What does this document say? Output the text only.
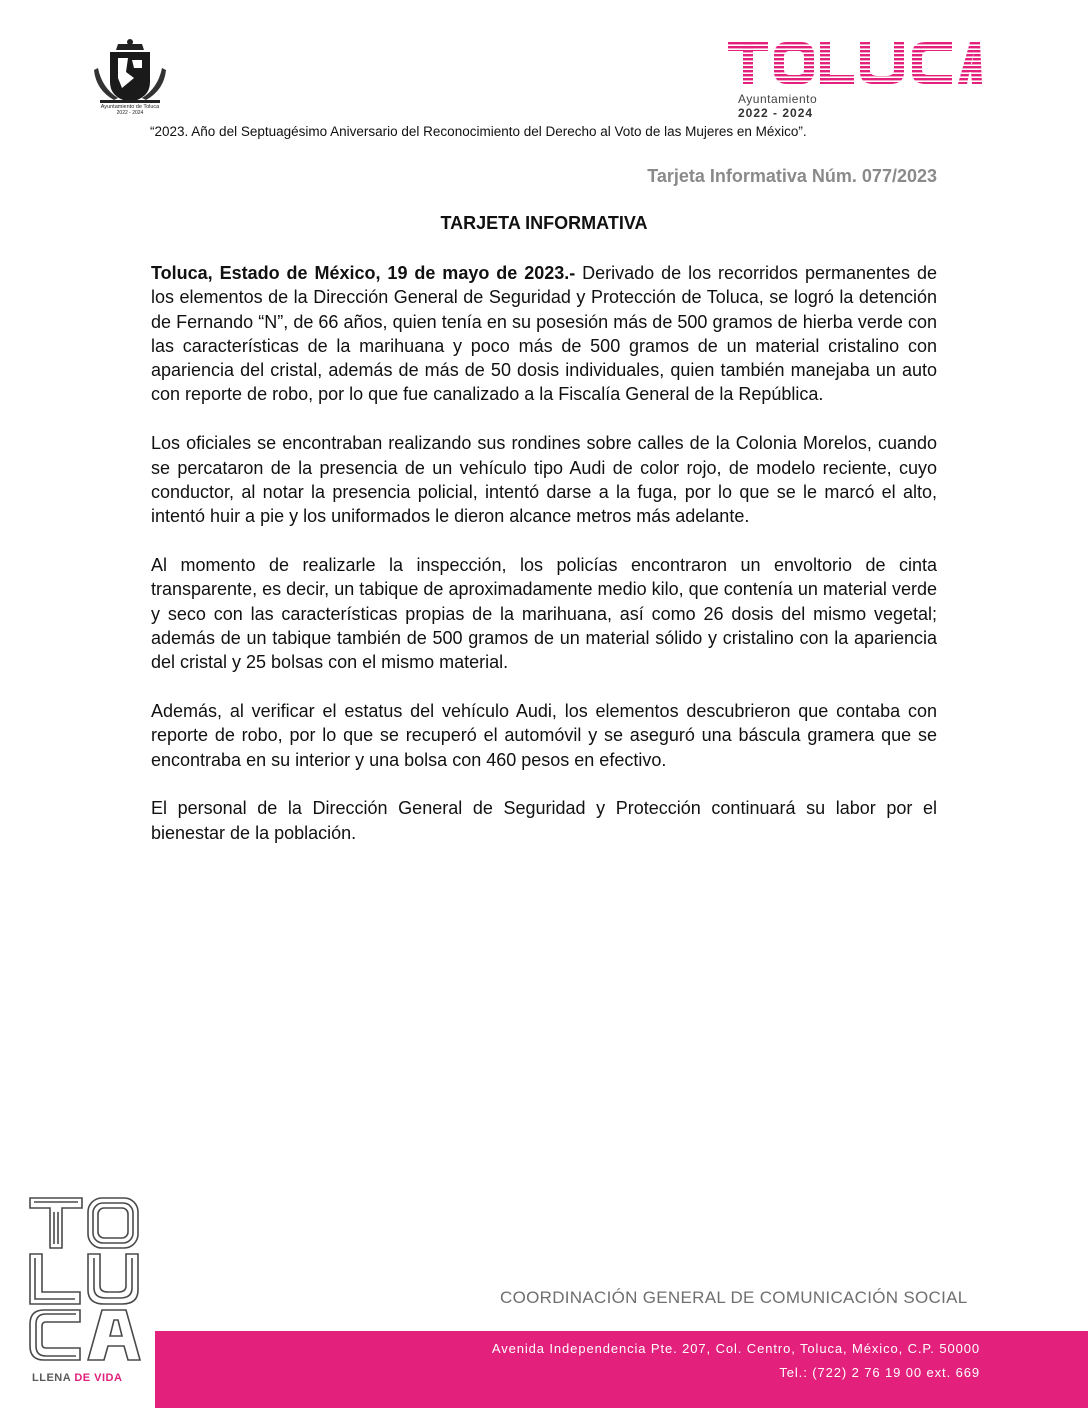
Ayuntamiento de Toluca
2022 - 2024
Ayuntamiento
2022 - 2024
“2023. Año del Septuagésimo Aniversario del Reconocimiento del Derecho al Voto de las Mujeres en México”.
Tarjeta Informativa Núm. 077/2023
TARJETA INFORMATIVA

Toluca, Estado de México, 19 de mayo de 2023.- Derivado de los recorridos permanentes de los elementos de la Dirección General de Seguridad y Protección de Toluca, se logró la detención de Fernando “N”, de 66 años, quien tenía en su posesión más de 500 gramos de hierba verde con las características de la marihuana y poco más de 500 gramos de un material cristalino con apariencia del cristal, además de más de 50 dosis individuales, quien también manejaba un auto con reporte de robo, por lo que fue canalizado a la Fiscalía General de la República.

Los oficiales se encontraban realizando sus rondines sobre calles de la Colonia Morelos, cuando se percataron de la presencia de un vehículo tipo Audi de color rojo, de modelo reciente, cuyo conductor, al notar la presencia policial, intentó darse a la fuga, por lo que se le marcó el alto, intentó huir a pie y los uniformados le dieron alcance metros más adelante.

Al momento de realizarle la inspección, los policías encontraron un envoltorio de cinta transparente, es decir, un tabique de aproximadamente medio kilo, que contenía un material verde y seco con las características propias de la marihuana, así como 26 dosis del mismo vegetal; además de un tabique también de 500 gramos de un material sólido y cristalino con la apariencia del cristal y 25 bolsas con el mismo material.

Además, al verificar el estatus del vehículo Audi, los elementos descubrieron que contaba con reporte de robo, por lo que se recuperó el automóvil y se aseguró una báscula gramera que se encontraba en su interior y una bolsa con 460 pesos en efectivo.

El personal de la Dirección General de Seguridad y Protección continuará su labor por el bienestar de la población.

LLENA DE VIDA
COORDINACIÓN GENERAL DE COMUNICACIÓN SOCIAL
Avenida Independencia Pte. 207, Col. Centro, Toluca, México, C.P. 50000
Tel.: (722) 2 76 19 00 ext. 669
